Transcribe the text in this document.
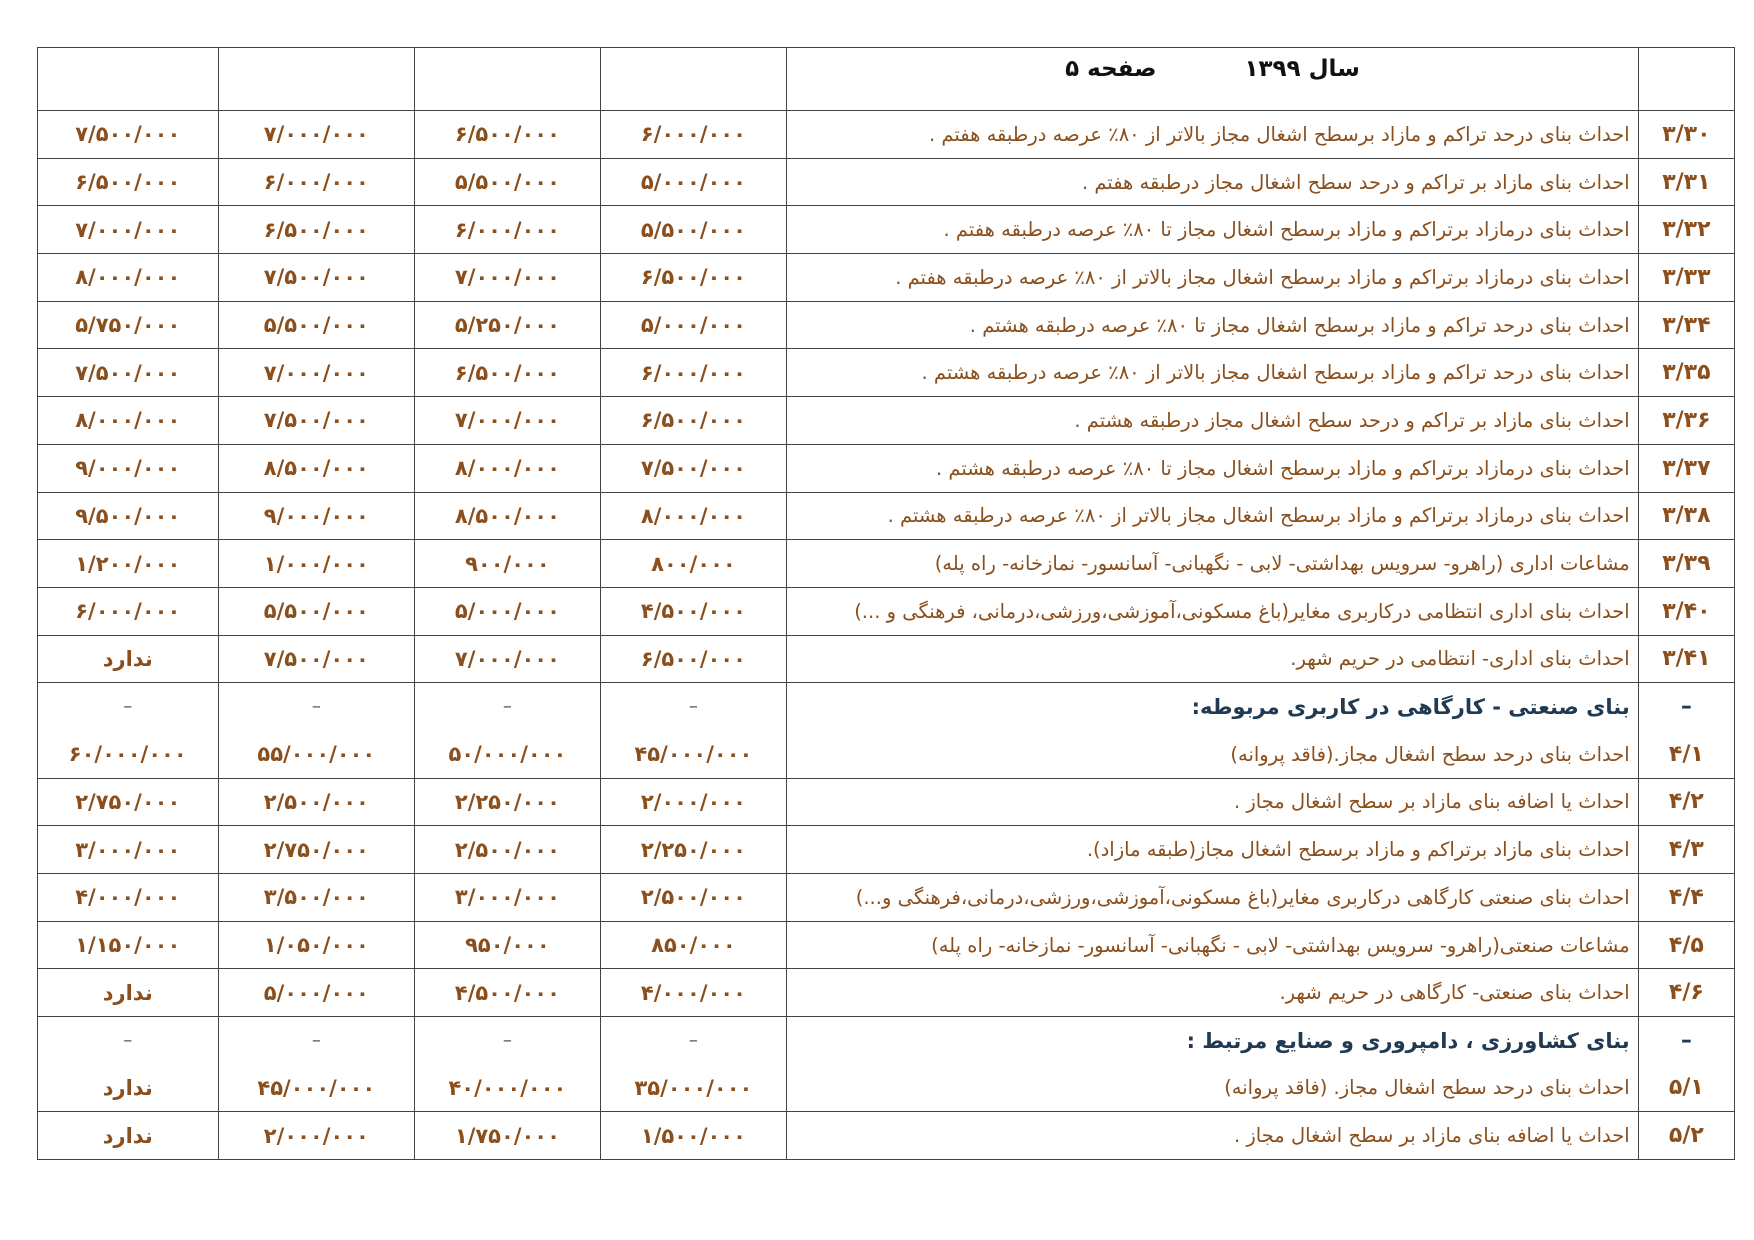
	سال ۱۳۹۹ صفحه ۵				
۳/۳۰	احداث بنای درحد تراکم و مازاد برسطح اشغال مجاز بالاتر از ۸۰٪ عرصه درطبقه هفتم .	۶/۰۰۰/۰۰۰	۶/۵۰۰/۰۰۰	۷/۰۰۰/۰۰۰	۷/۵۰۰/۰۰۰
۳/۳۱	احداث بنای مازاد بر تراکم و درحد سطح اشغال مجاز درطبقه هفتم .	۵/۰۰۰/۰۰۰	۵/۵۰۰/۰۰۰	۶/۰۰۰/۰۰۰	۶/۵۰۰/۰۰۰
۳/۳۲	احداث بنای درمازاد برتراکم و مازاد برسطح اشغال مجاز تا ۸۰٪ عرصه درطبقه هفتم .	۵/۵۰۰/۰۰۰	۶/۰۰۰/۰۰۰	۶/۵۰۰/۰۰۰	۷/۰۰۰/۰۰۰
۳/۳۳	احداث بنای درمازاد برتراکم و مازاد برسطح اشغال مجاز بالاتر از ۸۰٪ عرصه درطبقه هفتم .	۶/۵۰۰/۰۰۰	۷/۰۰۰/۰۰۰	۷/۵۰۰/۰۰۰	۸/۰۰۰/۰۰۰
۳/۳۴	احداث بنای درحد تراکم و مازاد برسطح اشغال مجاز تا ۸۰٪ عرصه درطبقه هشتم .	۵/۰۰۰/۰۰۰	۵/۲۵۰/۰۰۰	۵/۵۰۰/۰۰۰	۵/۷۵۰/۰۰۰
۳/۳۵	احداث بنای درحد تراکم و مازاد برسطح اشغال مجاز بالاتر از ۸۰٪ عرصه درطبقه هشتم .	۶/۰۰۰/۰۰۰	۶/۵۰۰/۰۰۰	۷/۰۰۰/۰۰۰	۷/۵۰۰/۰۰۰
۳/۳۶	احداث بنای مازاد بر تراکم و درحد سطح اشغال مجاز درطبقه هشتم .	۶/۵۰۰/۰۰۰	۷/۰۰۰/۰۰۰	۷/۵۰۰/۰۰۰	۸/۰۰۰/۰۰۰
۳/۳۷	احداث بنای درمازاد برتراکم و مازاد برسطح اشغال مجاز تا ۸۰٪ عرصه درطبقه هشتم .	۷/۵۰۰/۰۰۰	۸/۰۰۰/۰۰۰	۸/۵۰۰/۰۰۰	۹/۰۰۰/۰۰۰
۳/۳۸	احداث بنای درمازاد برتراکم و مازاد برسطح اشغال مجاز بالاتر از ۸۰٪ عرصه درطبقه هشتم .	۸/۰۰۰/۰۰۰	۸/۵۰۰/۰۰۰	۹/۰۰۰/۰۰۰	۹/۵۰۰/۰۰۰
۳/۳۹	مشاعات اداری (راهرو- سرویس بهداشتی- لابی - نگهبانی- آسانسور- نمازخانه- راه پله)	۸۰۰/۰۰۰	۹۰۰/۰۰۰	۱/۰۰۰/۰۰۰	۱/۲۰۰/۰۰۰
۳/۴۰	احداث بنای اداری انتظامی درکاربری مغایر(باغ مسکونی،آموزشی،ورزشی،درمانی، فرهنگی و ...)	۴/۵۰۰/۰۰۰	۵/۰۰۰/۰۰۰	۵/۵۰۰/۰۰۰	۶/۰۰۰/۰۰۰
۳/۴۱	احداث بنای اداری- انتظامی در حریم شهر.	۶/۵۰۰/۰۰۰	۷/۰۰۰/۰۰۰	۷/۵۰۰/۰۰۰	ندارد
–	بنای صنعتی - کارگاهی در کاربری مربوطه:	–	–	–	–
۴/۱	احداث بنای درحد سطح اشغال مجاز.(فاقد پروانه)	۴۵/۰۰۰/۰۰۰	۵۰/۰۰۰/۰۰۰	۵۵/۰۰۰/۰۰۰	۶۰/۰۰۰/۰۰۰
۴/۲	احداث یا اضافه بنای مازاد بر سطح اشغال مجاز .	۲/۰۰۰/۰۰۰	۲/۲۵۰/۰۰۰	۲/۵۰۰/۰۰۰	۲/۷۵۰/۰۰۰
۴/۳	احداث بنای مازاد برتراکم و مازاد برسطح اشغال مجاز(طبقه مازاد).	۲/۲۵۰/۰۰۰	۲/۵۰۰/۰۰۰	۲/۷۵۰/۰۰۰	۳/۰۰۰/۰۰۰
۴/۴	احداث بنای صنعتی کارگاهی درکاربری مغایر(باغ مسکونی،آموزشی،ورزشی،درمانی،فرهنگی و...)	۲/۵۰۰/۰۰۰	۳/۰۰۰/۰۰۰	۳/۵۰۰/۰۰۰	۴/۰۰۰/۰۰۰
۴/۵	مشاعات صنعتی(راهرو- سرویس بهداشتی- لابی - نگهبانی- آسانسور- نمازخانه- راه پله)	۸۵۰/۰۰۰	۹۵۰/۰۰۰	۱/۰۵۰/۰۰۰	۱/۱۵۰/۰۰۰
۴/۶	احداث بنای صنعتی- کارگاهی در حریم شهر.	۴/۰۰۰/۰۰۰	۴/۵۰۰/۰۰۰	۵/۰۰۰/۰۰۰	ندارد
–	بنای کشاورزی ، دامپروری و صنایع مرتبط :	–	–	–	–
۵/۱	احداث بنای درحد سطح اشغال مجاز. (فاقد پروانه)	۳۵/۰۰۰/۰۰۰	۴۰/۰۰۰/۰۰۰	۴۵/۰۰۰/۰۰۰	ندارد
۵/۲	احداث یا اضافه بنای مازاد بر سطح اشغال مجاز .	۱/۵۰۰/۰۰۰	۱/۷۵۰/۰۰۰	۲/۰۰۰/۰۰۰	ندارد
